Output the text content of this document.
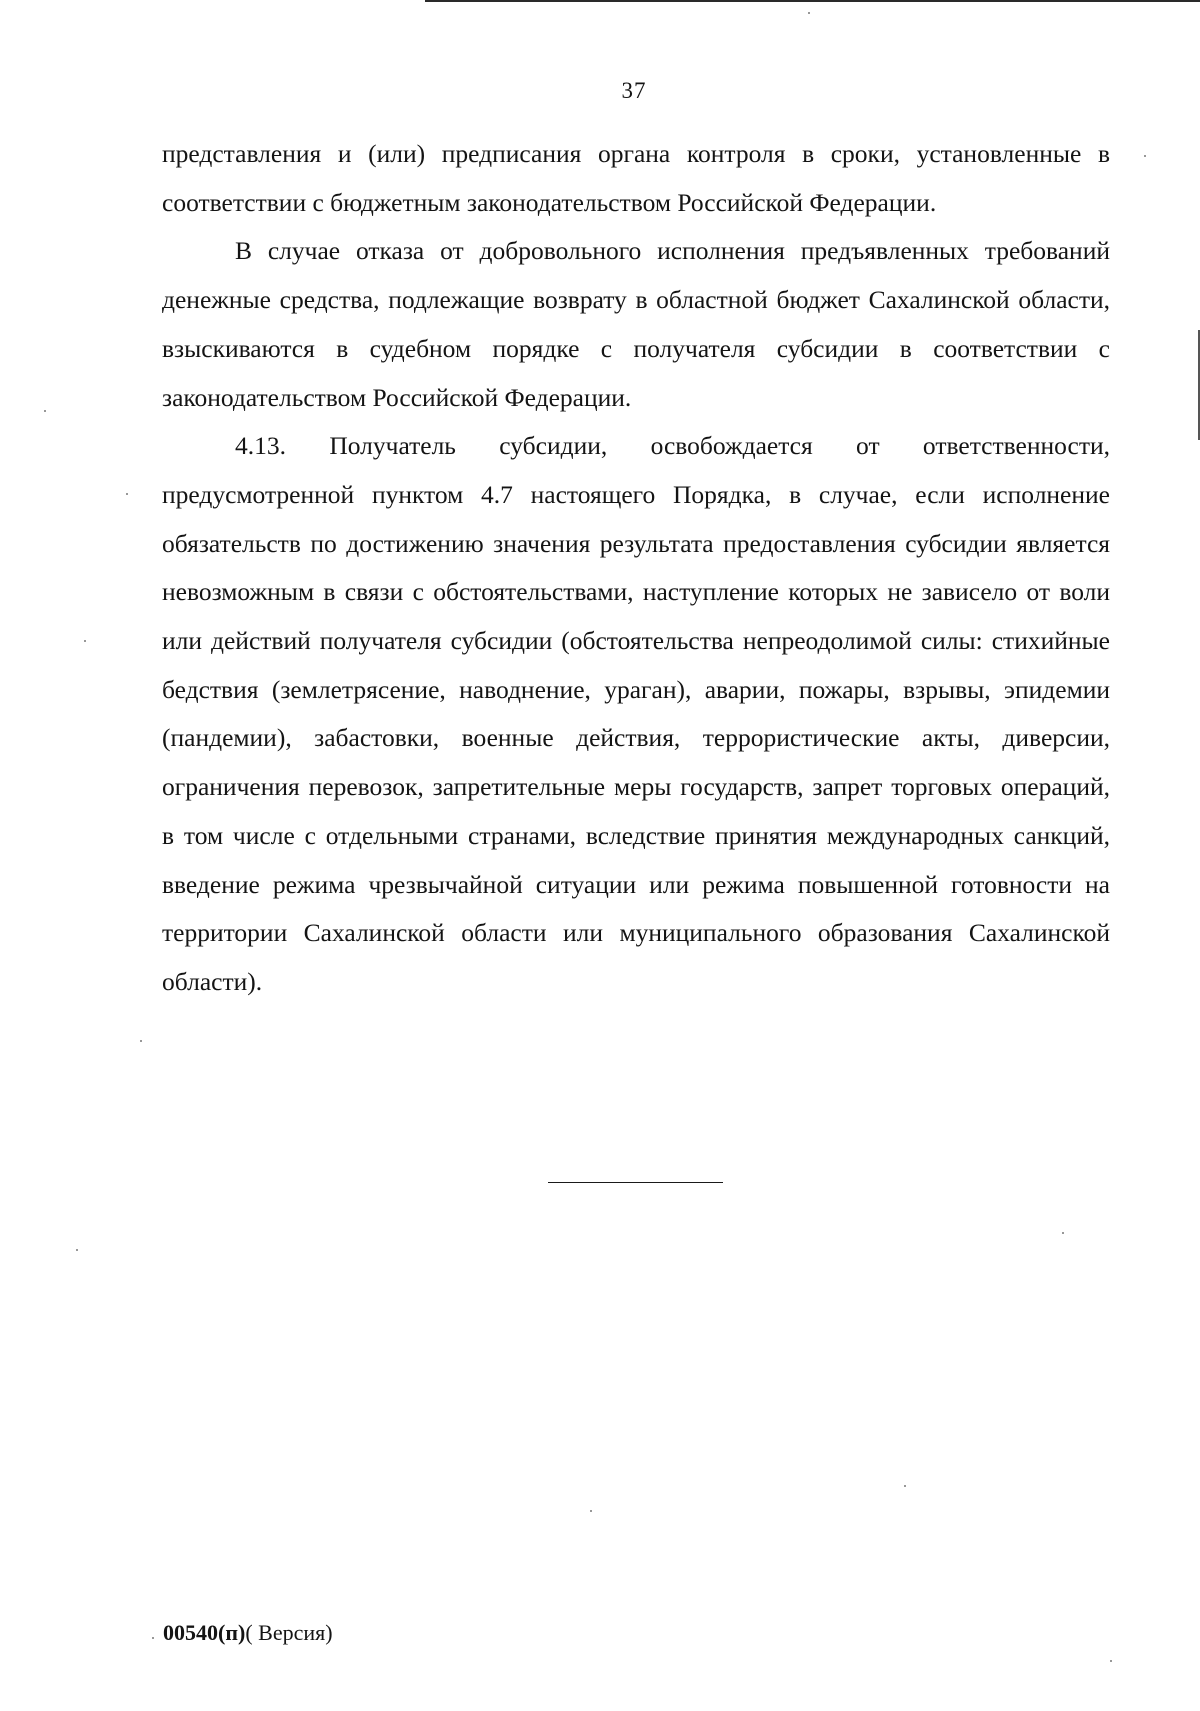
37

представления и (или) предписания органа контроля в сроки, установленные в соответствии с бюджетным законодательством Российской Федерации.

В случае отказа от добровольного исполнения предъявленных требований денежные средства, подлежащие возврату в областной бюджет Сахалинской области, взыскиваются в судебном порядке с получателя субсидии в соответствии с законодательством Российской Федерации.

4.13. Получатель субсидии, освобождается от ответственности, предусмотренной пунктом 4.7 настоящего Порядка, в случае, если исполнение обязательств по достижению значения результата предоставления субсидии является невозможным в связи с обстоятельствами, наступление которых не зависело от воли или действий получателя субсидии (обстоятельства непреодолимой силы: стихийные бедствия (землетрясение, наводнение, ураган), аварии, пожары, взрывы, эпидемии (пандемии), забастовки, военные действия, террористические акты, диверсии, ограничения перевозок, запретительные меры государств, запрет торговых операций, в том числе с отдельными странами, вследствие принятия международных санкций, введение режима чрезвычайной ситуации или режима повышенной готовности на территории Сахалинской области или муниципального образования Сахалинской области).

00540(п)( Версия)
